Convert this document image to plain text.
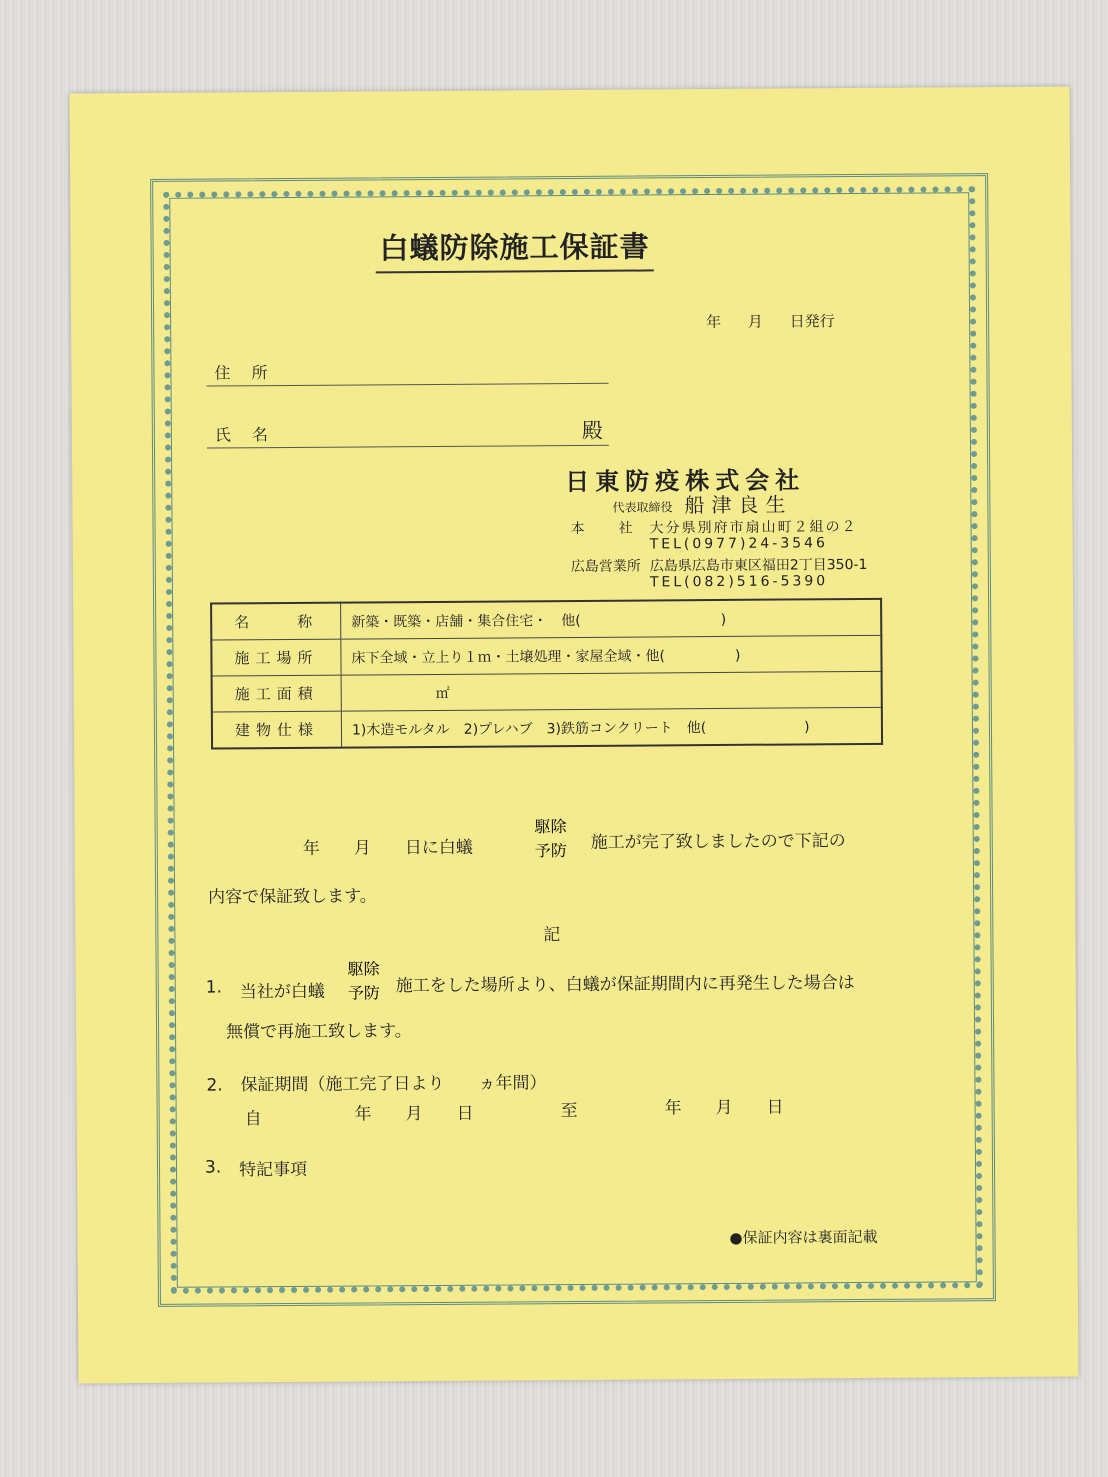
白蟻防除施工保証書
年 月 日発行
住 所
氏 名	殿
日東防疫株式会社
代表取締役 船津良生
本　　社 大分県別府市扇山町２組の２
TEL(0977)24-3546
広島営業所 広島県広島市東区福田2丁目350-1
TEL(082)516-5390
名　　称	新築・既築・店舗・集合住宅・　他(　　　　　　　　　　)
施工場所	床下全域・立上り１ｍ・土壌処理・家屋全域・他(　　　　　)
施工面積	　　　　　　㎡
建物仕様	1)木造モルタル　2)プレハブ　3)鉄筋コンクリート　他(　　　　　　　)
年　　月　　日に白蟻
駆除
予防 施工が完了致しましたので下記の
内容で保証致します。
記
1. 当社が白蟻
駆除
予防 施工をした場所より、白蟻が保証期間内に再発生した場合は
無償で再施工致します。
2. 保証期間（施工完了日より　　ヵ年間）
自	年　　月　　日	至	年　　月　　日
3. 特記事項
●保証内容は裏面記載
